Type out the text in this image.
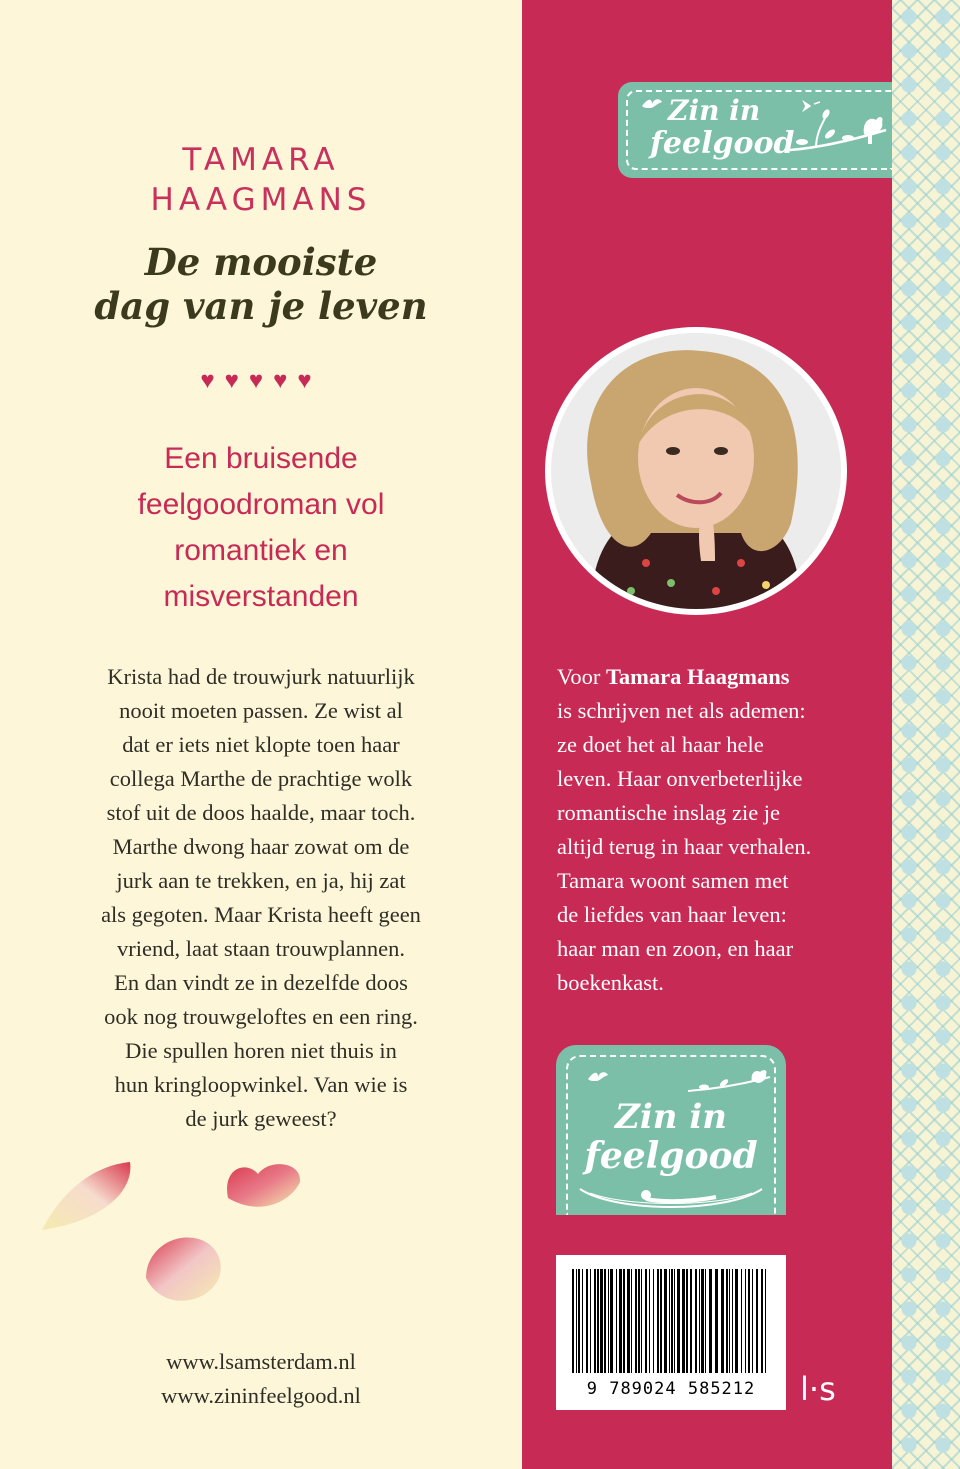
TAMARA
HAAGMANS
De mooiste
dag van je leven
♥♥♥♥♥
Een bruisende
feelgoodroman vol
romantiek en
misverstanden
Krista had de trouwjurk natuurlijk
nooit moeten passen. Ze wist al
dat er iets niet klopte toen haar
collega Marthe de prachtige wolk
stof uit de doos haalde, maar toch.
Marthe dwong haar zowat om de
jurk aan te trekken, en ja, hij zat
als gegoten. Maar Krista heeft geen
vriend, laat staan trouwplannen.
En dan vindt ze in dezelfde doos
ook nog trouwgeloftes en een ring.
Die spullen horen niet thuis in
hun kringloopwinkel. Van wie is
de jurk geweest?
www.lsamsterdam.nl
www.zininfeelgood.nl
Zin in
feelgood
Voor Tamara Haagmans
is schrijven net als ademen:
ze doet het al haar hele
leven. Haar onverbeterlijke
romantische inslag zie je
altijd terug in haar verhalen.
Tamara woont samen met
de liefdes van haar leven:
haar man en zoon, en haar
boekenkast.
Zin in
feelgood
9 789024 585212	l·s
